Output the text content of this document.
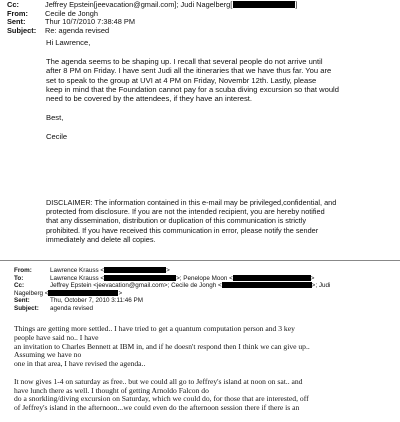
Cc:	Jeffrey Epstein[jeevacation@gmail.com]; Judi Nagelberg[	]
From:	Cecile de Jongh
Sent:	Thur 10/7/2010 7:38:48 PM
Subject:	Re: agenda revised

Hi Lawrence,

The agenda seems to be shaping up. I recall that several people do not arrive until
after 8 PM on Friday. I have sent Judi all the itineraries that we have thus far. You are
set to speak to the group at UVI at 4 PM on Friday, Novembr 12th. Lastly, please
keep in mind that the Foundation cannot pay for a scuba diving excursion so that would
need to be covered by the attendees, if they have an interest.

Best,

Cecile

DISCLAIMER: The information contained in this e-mail may be privileged,confidential, and
protected from disclosure. If you are not the intended recipient, you are hereby notified
that any dissemination, distribution or duplication of this communication is strictly
prohibited. If you have received this communication in error, please notify the sender
immediately and delete all copies.
From:	Lawrence Krauss <	>
To:	Lawrence Krauss <	>; Penelope Moon <	>
Cc:	Jeffrey Epstein <jeevacation@gmail.com>; Cecile de Jongh <	>; Judi
Nagelberg <	>
Sent:	Thu, October 7, 2010 3:11:46 PM
Subject:	agenda revised

Things are getting more settled.. I have tried to get a quantum computation person and 3 key
people have said no.. I have
an invitation to Charles Bennett at IBM in, and if he doesn't respond then I think we can give up..
Assuming we have no
one in that area, I have revised the agenda..

It now gives 1-4 on saturday as free.. but we could all go to Jeffrey's island at noon on sat.. and
have lunch there as well. I thought of getting Arnoldo Falcon do
do a snorkling/diving excursion on Saturday, which we could do, for those that are interested, off
of Jeffrey's island in the afternoon...we could even do the afternoon session there if there is an
